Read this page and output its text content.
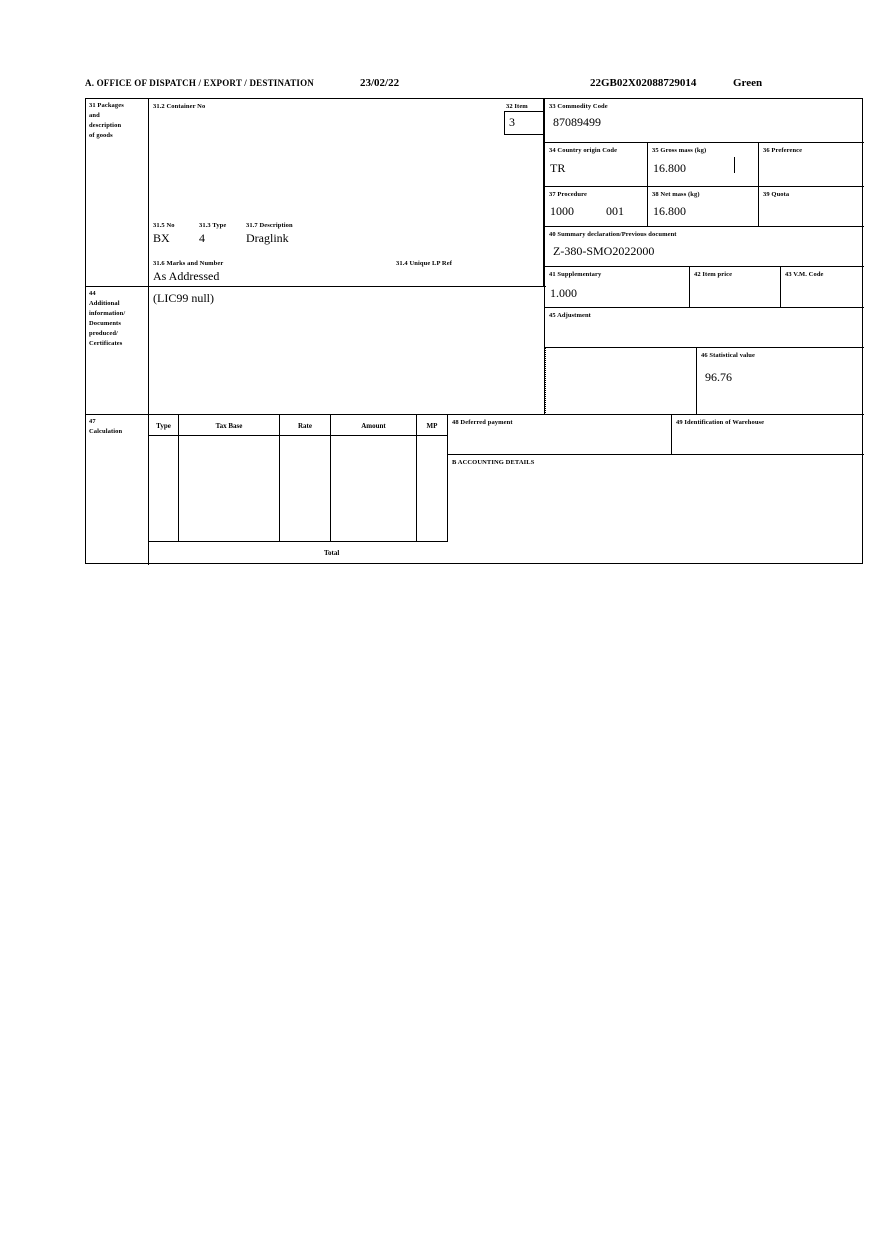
A. OFFICE OF DISPATCH / EXPORT / DESTINATION	23/02/22	22GB02X02088729014	Green
31 Packages
and
description
of goods
31.2 Container No
31.5 No	31.3 Type	31.7 Description
BX 4	Draglink
31.6 Marks and Number	31.4 Unique LP Ref
As Addressed
32 Item
3
33 Commodity Code
87089499
34 Country origin Code
TR
35 Gross mass (kg)
16.800
36 Preference
37 Procedure
1000	001
38 Net mass (kg)
16.800
39 Quota
40 Summary declaration/Previous document
Z-380-SMO2022000
41 Supplementary
1.000
42 Item price	43 V.M. Code
44
Additional
information/
Documents
produced/
Certificates
(LIC99 null)
45 Adjustment
46 Statistical value
96.76
47
Calculation
Type	Tax Base	Rate	Amount	MP
Total
48 Deferred payment	49 Identification of Warehouse
B ACCOUNTING DETAILS
